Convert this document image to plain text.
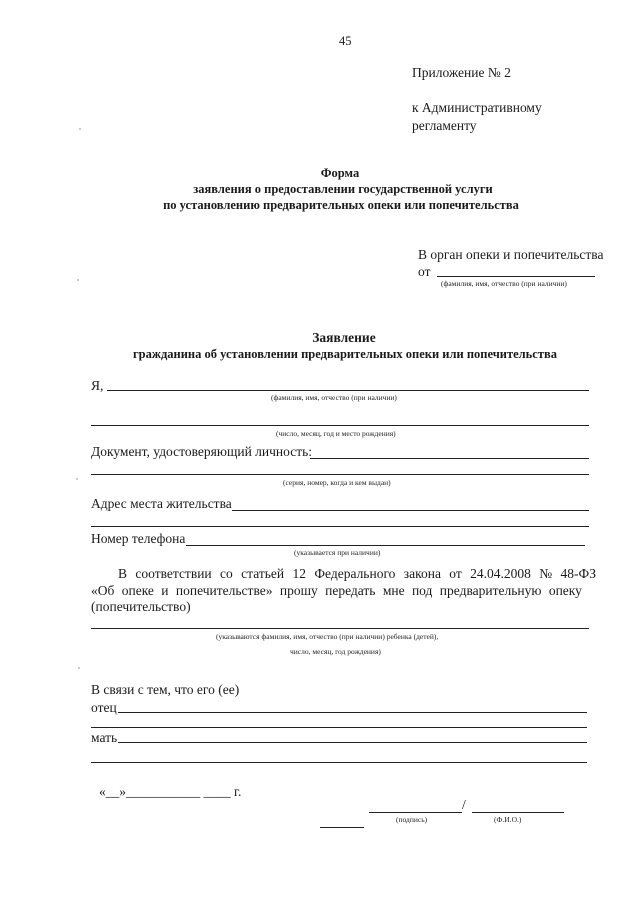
45
Приложение № 2
к Административному
регламенту
Форма
заявления о предоставлении государственной услуги
по установлению предварительных опеки или попечительства
В орган опеки и попечительства
от
(фамилия, имя, отчество (при наличии)
Заявление
гражданина об установлении предварительных опеки или попечительства
Я,
(фамилия, имя, отчество (при наличии)
(число, месяц, год и место рождения)
Документ, удостоверяющий личность:
(серия, номер, когда и кем выдан)
Адрес места жительства
Номер телефона
(указывается при наличии)
В соответствии со статьей 12 Федерального закона от 24.04.2008 № 48-ФЗ
«Об опеке и попечительстве» прошу передать мне под предварительную опеку
(попечительство)
(указываются фамилия, имя, отчество (при наличии) ребенка (детей),
число, месяц, год рождения)
В связи с тем, что его (ее)
отец
мать
«__»___________ ____ г.
/
(подпись)	(Ф.И.О.)
